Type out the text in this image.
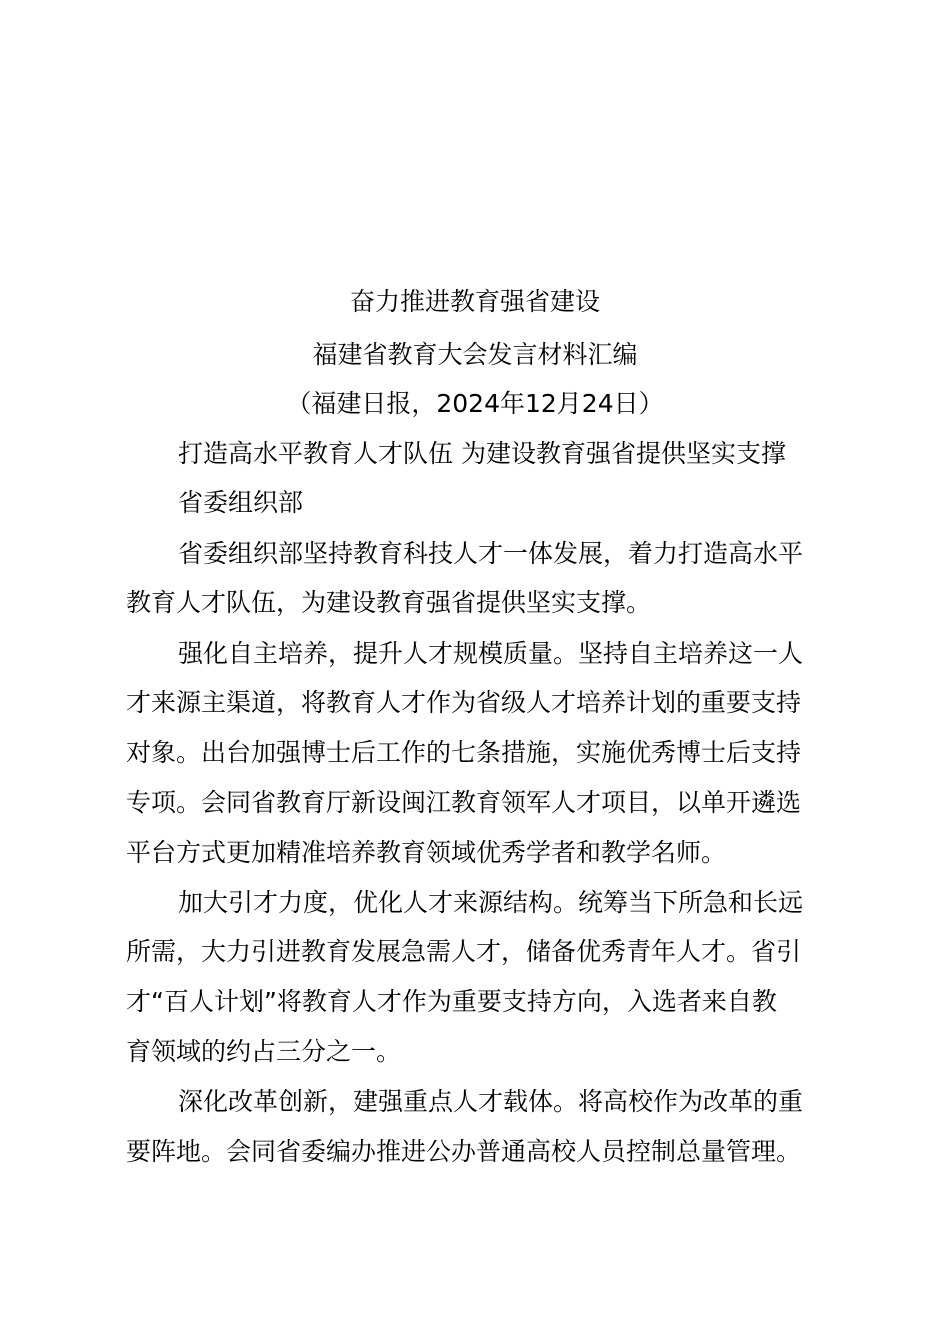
奋力推进教育强省建设
福建省教育大会发言材料汇编
（福建日报，2024年12月24日）
打造高水平教育人才队伍 为建设教育强省提供坚实支撑
省委组织部
省委组织部坚持教育科技人才一体发展，着力打造高水平
教育人才队伍，为建设教育强省提供坚实支撑。
强化自主培养，提升人才规模质量。坚持自主培养这一人
才来源主渠道，将教育人才作为省级人才培养计划的重要支持
对象。出台加强博士后工作的七条措施，实施优秀博士后支持
专项。会同省教育厅新设闽江教育领军人才项目，以单开遴选
平台方式更加精准培养教育领域优秀学者和教学名师。
加大引才力度，优化人才来源结构。统筹当下所急和长远
所需，大力引进教育发展急需人才，储备优秀青年人才。省引
才“百人计划”将教育人才作为重要支持方向，入选者来自教
育领域的约占三分之一。
深化改革创新，建强重点人才载体。将高校作为改革的重
要阵地。会同省委编办推进公办普通高校人员控制总量管理。
